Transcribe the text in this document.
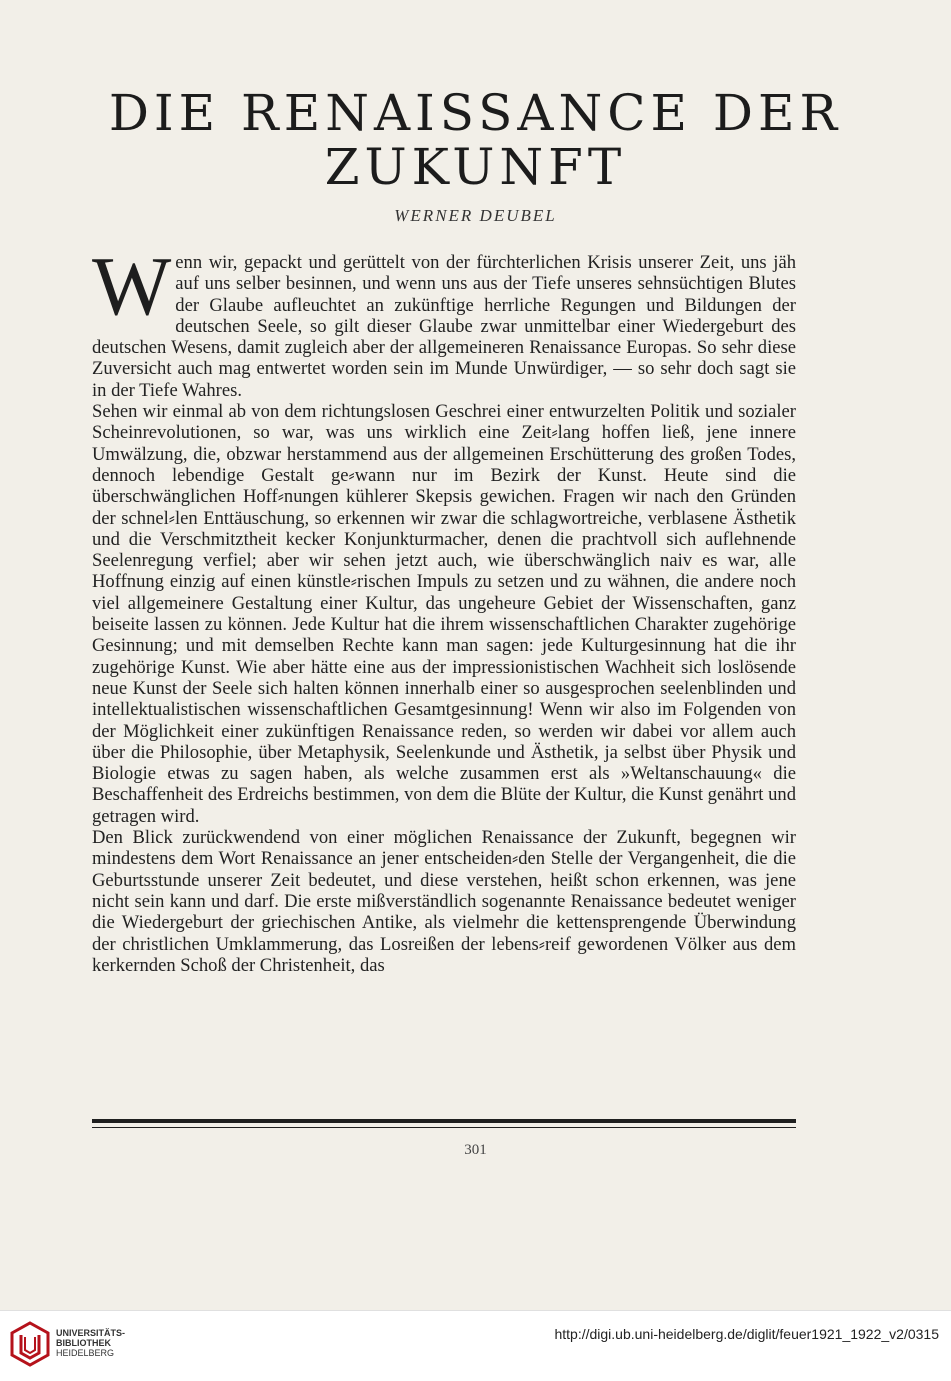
DIE RENAISSANCE DER
ZUKUNFT
WERNER DEUBEL

Wenn wir, gepackt und gerüttelt von der fürchterlichen Krisis unserer Zeit, uns jäh auf uns selber besinnen, und wenn uns aus der Tiefe unseres sehnsüchtigen Blutes der Glaube aufleuchtet an zukünftige herrliche Regungen und Bildungen der deutschen Seele, so gilt dieser Glaube zwar unmittelbar einer Wiedergeburt des deutschen Wesens, damit zugleich aber der allgemeineren Renaissance Europas. So sehr diese Zuversicht auch mag entwertet worden sein im Munde Unwürdiger, — so sehr doch sagt sie in der Tiefe Wahres.

Sehen wir einmal ab von dem richtungslosen Geschrei einer entwurzelten Politik und sozialer Scheinrevolutionen, so war, was uns wirklich eine Zeit⸗lang hoffen ließ, jene innere Umwälzung, die, obzwar herstammend aus der allgemeinen Erschütterung des großen Todes, dennoch lebendige Gestalt ge⸗wann nur im Bezirk der Kunst. Heute sind die überschwänglichen Hoff⸗nungen kühlerer Skepsis gewichen. Fragen wir nach den Gründen der schnel⸗len Enttäuschung, so erkennen wir zwar die schlagwortreiche, verblasene Ästhetik und die Verschmitztheit kecker Konjunkturmacher, denen die prachtvoll sich auflehnende Seelenregung verfiel; aber wir sehen jetzt auch, wie überschwänglich naiv es war, alle Hoffnung einzig auf einen künstle⸗rischen Impuls zu setzen und zu wähnen, die andere noch viel allgemeinere Gestaltung einer Kultur, das ungeheure Gebiet der Wissenschaften, ganz beiseite lassen zu können. Jede Kultur hat die ihrem wissenschaftlichen Charakter zugehörige Gesinnung; und mit demselben Rechte kann man sagen: jede Kulturgesinnung hat die ihr zugehörige Kunst. Wie aber hätte eine aus der impressionistischen Wachheit sich loslösende neue Kunst der Seele sich halten können innerhalb einer so ausgesprochen seelenblinden und intellektualistischen wissenschaftlichen Gesamtgesinnung! Wenn wir also im Folgenden von der Möglichkeit einer zukünftigen Renaissance reden, so werden wir dabei vor allem auch über die Philosophie, über Metaphysik, Seelenkunde und Ästhetik, ja selbst über Physik und Biologie etwas zu sagen haben, als welche zusammen erst als »Weltanschauung« die Beschaffenheit des Erdreichs bestimmen, von dem die Blüte der Kultur, die Kunst genährt und getragen wird.

Den Blick zurückwendend von einer möglichen Renaissance der Zukunft, begegnen wir mindestens dem Wort Renaissance an jener entscheiden⸗den Stelle der Vergangenheit, die die Geburtsstunde unserer Zeit bedeutet, und diese verstehen, heißt schon erkennen, was jene nicht sein kann und darf. Die erste mißverständlich sogenannte Renaissance bedeutet weniger die Wiedergeburt der griechischen Antike, als vielmehr die kettensprengende Überwindung der christlichen Umklammerung, das Losreißen der lebens⸗reif gewordenen Völker aus dem kerkernden Schoß der Christenheit, das

301
UNIVERSITÄTS-
BIBLIOTHEK
HEIDELBERG
http://digi.ub.uni-heidelberg.de/diglit/feuer1921_1922_v2/0315
